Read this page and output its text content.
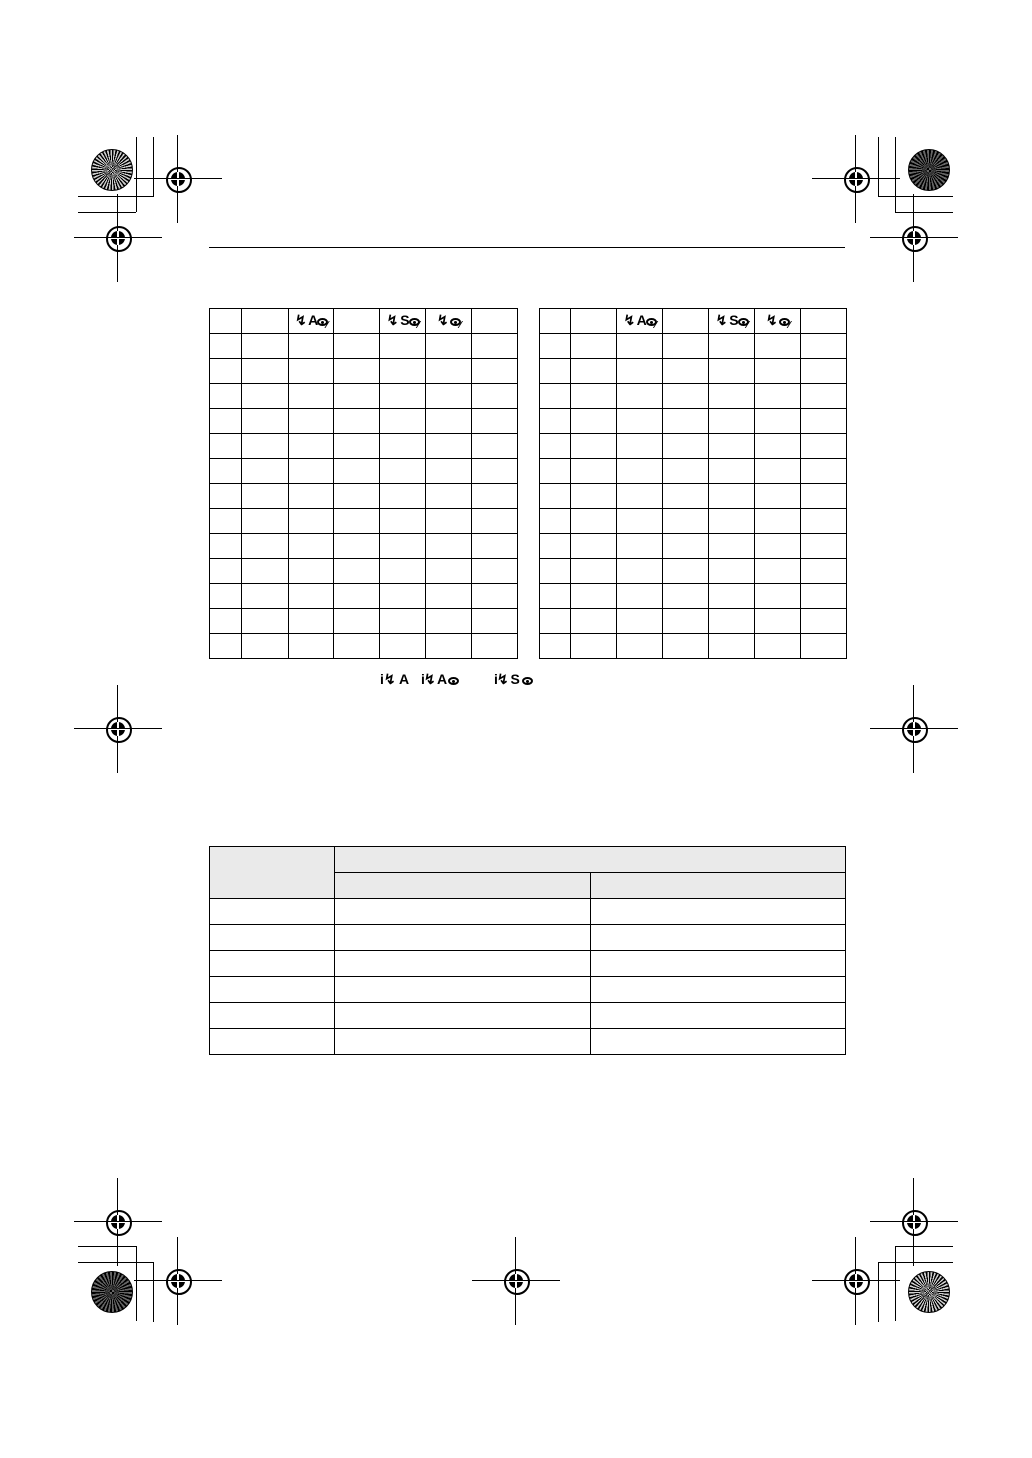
		↯ A $_⁄$		↯ S $_⁄$	↯ $_⁄$	

			↯ A $_⁄$		↯ S $_⁄$	↯ $_⁄$	

i↯ A i↯ A	i↯ S
